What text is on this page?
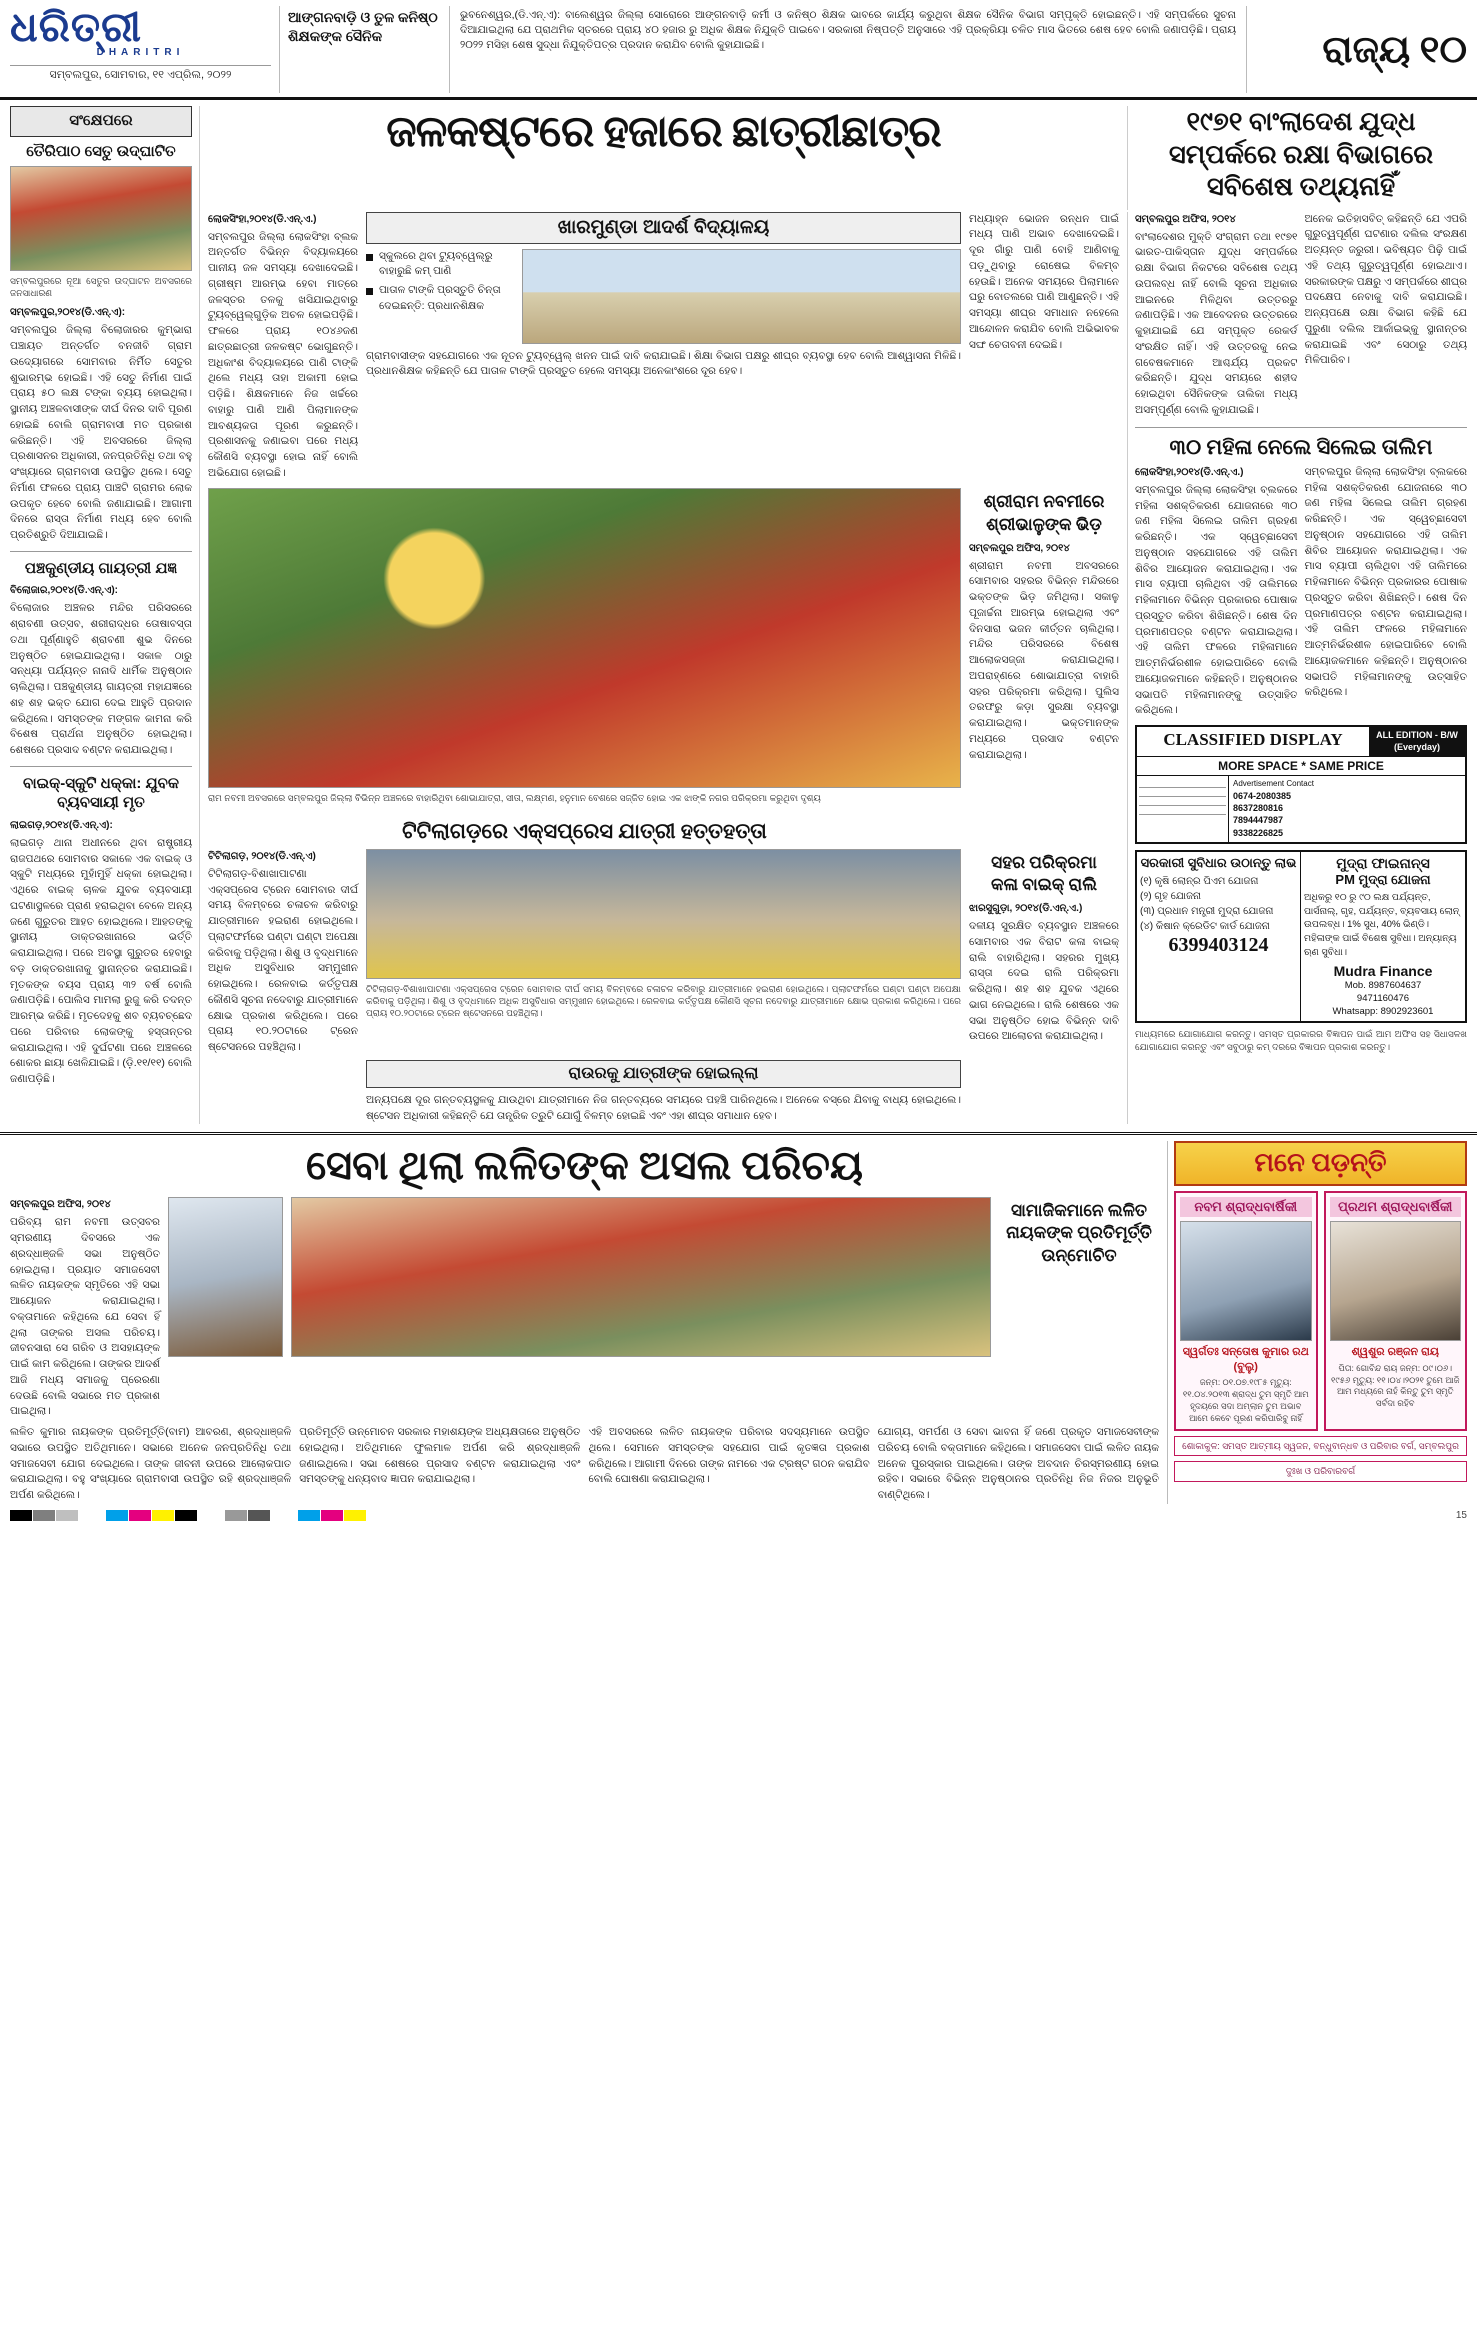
ଧରିତ୍ରୀ
DHARITRI
ସମ୍ବଲପୁର, ସୋମବାର, ୧୧ ଏପ୍ରିଲ, ୨୦୨୨
ଆଙ୍ଗନବାଡ଼ି ଓ ତୁଳ କନିଷ୍ଠ ଶିକ୍ଷକଙ୍କ ସୈନିକ
ଭୁବନେଶ୍ୱର,(ଡି.ଏନ୍.ଏ): ବାଲେଶ୍ୱର ଜିଲ୍ଲା ସୋରୋରେ ଆଙ୍ଗନବାଡ଼ି କର୍ମୀ ଓ କନିଷ୍ଠ ଶିକ୍ଷକ ଭାବରେ କାର୍ଯ୍ୟ କରୁଥିବା ଶିକ୍ଷକ ସୈନିକ ବିଭାଗ ସମ୍ପୃକ୍ତି ହୋଇଛନ୍ତି। ଏହି ସମ୍ପର୍କରେ ସୁଚନା ଦିଆଯାଇଥିଲା ଯେ ପ୍ରାଥମିକ ସ୍ତରରେ ପ୍ରାୟ ୪୦ ହଜାର ରୁ ଅଧିକ ଶିକ୍ଷକ ନିଯୁକ୍ତି ପାଇବେ। ସରକାରୀ ନିଷ୍ପତ୍ତି ଅନୁସାରେ ଏହି ପ୍ରକ୍ରିୟା ଚଳିତ ମାସ ଭିତରେ ଶେଷ ହେବ ବୋଲି ଜଣାପଡ଼ିଛି। ପ୍ରାୟ ୨୦୨୨ ମସିହା ଶେଷ ସୁଦ୍ଧା ନିଯୁକ୍ତିପତ୍ର ପ୍ରଦାନ କରାଯିବ ବୋଲି କୁହାଯାଇଛି।	ରାଜ୍ୟ ୧୦
ସଂକ୍ଷେପରେ
ତୈରିପାଠ ସେତୁ ଉଦ୍‌ଘାଟିତ
ସମ୍ବଲପୁରରେ ନୂଆ ସେତୁର ଉଦ୍‌ଘାଟନ ଅବସରରେ ଜନସାଧାରଣ
ସମ୍ବଲପୁର,୨୦୧୪(ଡି.ଏନ୍.ଏ):
ସମ୍ବଲପୁର ଜିଲ୍ଲା ବିଲୋଜାରର କୁମ୍ଭାରା ପଞ୍ଚାୟତ ଅନ୍ତର୍ଗତ ବନଜୀବି ଗ୍ରାମ ଉଦ୍ୟୋଗରେ ସୋମବାର ନିର୍ମିତ ସେତୁର ଶୁଭାରମ୍ଭ ହୋଇଛି। ଏହି ସେତୁ ନିର୍ମାଣ ପାଇଁ ପ୍ରାୟ ୫୦ ଲକ୍ଷ ଟଙ୍କା ବ୍ୟୟ ହୋଇଥିଲା। ସ୍ଥାନୀୟ ଅଞ୍ଚଳବାସୀଙ୍କ ଦୀର୍ଘ ଦିନର ଦାବି ପୂରଣ ହୋଇଛି ବୋଲି ଗ୍ରାମବାସୀ ମତ ପ୍ରକାଶ କରିଛନ୍ତି। ଏହି ଅବସରରେ ଜିଲ୍ଲା ପ୍ରଶାସନର ଅଧିକାରୀ, ଜନପ୍ରତିନିଧି ତଥା ବହୁ ସଂଖ୍ୟାରେ ଗ୍ରାମବାସୀ ଉପସ୍ଥିତ ଥିଲେ। ସେତୁ ନିର୍ମାଣ ଫଳରେ ପ୍ରାୟ ପାଞ୍ଚଟି ଗ୍ରାମର ଲୋକ ଉପକୃତ ହେବେ ବୋଲି ଜଣାଯାଇଛି। ଆଗାମୀ ଦିନରେ ରାସ୍ତା ନିର୍ମାଣ ମଧ୍ୟ ହେବ ବୋଲି ପ୍ରତିଶ୍ରୁତି ଦିଆଯାଇଛି।
ପଞ୍ଚକୁଣ୍ଡୀୟ ଗାୟତ୍ରୀ ଯଜ୍ଞ
ବିଲୋଜାର,୨୦୧୪(ଡି.ଏନ୍.ଏ):
ବିଲୋଜାର ଅଞ୍ଚଳର ମନ୍ଦିର ପରିସରରେ ଶ୍ରାବଣୀ ଉତ୍ସବ, ଶରୀରାଦ୍ଧର ତୋଷାବସ୍ତା ତଥା ପୂର୍ଣ୍ଣାହୁତି ଶ୍ରାବଣୀ ଶୁଭ ଦିନରେ ଅନୁଷ୍ଠିତ ହୋଇଯାଇଥିଲା। ସକାଳ ଠାରୁ ସନ୍ଧ୍ୟା ପର୍ଯ୍ୟନ୍ତ ନାନାଦି ଧାର୍ମିକ ଅନୁଷ୍ଠାନ ଚାଲିଥିଲା। ପଞ୍ଚକୁଣ୍ଡୀୟ ଗାୟତ୍ରୀ ମହାଯଜ୍ଞରେ ଶହ ଶହ ଭକ୍ତ ଯୋଗ ଦେଇ ଆହୁତି ପ୍ରଦାନ କରିଥିଲେ। ସମସ୍ତଙ୍କ ମଙ୍ଗଳ କାମନା କରି ବିଶେଷ ପ୍ରାର୍ଥନା ଅନୁଷ୍ଠିତ ହୋଇଥିଲା। ଶେଷରେ ପ୍ରସାଦ ବଣ୍ଟନ କରାଯାଇଥିଲା।
ବାଇକ୍‌-ସ୍କୁଟି ଧକ୍କା: ଯୁବକ ବ୍ୟବସାୟୀ ମୃତ
ଲାଇଗଡ଼,୨୦୧୪(ଡି.ଏନ୍.ଏ):
ଲାଇଗଡ଼ ଥାନା ଅଧୀନରେ ଥିବା ରାଷ୍ଟ୍ରୀୟ ରାଜପଥରେ ସୋମବାର ସକାଳେ ଏକ ବାଇକ୍ ଓ ସ୍କୁଟି ମଧ୍ୟରେ ମୁହାଁମୁହିଁ ଧକ୍କା ହୋଇଥିଲା। ଏଥିରେ ବାଇକ୍ ଚାଳକ ଯୁବକ ବ୍ୟବସାୟୀ ଘଟଣାସ୍ଥଳରେ ପ୍ରାଣ ହରାଇଥିବା ବେଳେ ଅନ୍ୟ ଜଣେ ଗୁରୁତର ଆହତ ହୋଇଥିଲେ। ଆହତଙ୍କୁ ସ୍ଥାନୀୟ ଡାକ୍ତରଖାନାରେ ଭର୍ତ୍ତି କରାଯାଇଥିଲା। ପରେ ଅବସ୍ଥା ଗୁରୁତର ହେବାରୁ ବଡ଼ ଡାକ୍ତରଖାନାକୁ ସ୍ଥାନାନ୍ତର କରାଯାଇଛି। ମୃତକଙ୍କ ବୟସ ପ୍ରାୟ ୩୨ ବର୍ଷ ବୋଲି ଜଣାପଡ଼ିଛି। ପୋଲିସ ମାମଲା ରୁଜୁ କରି ତଦନ୍ତ ଆରମ୍ଭ କରିଛି। ମୃତଦେହକୁ ଶବ ବ୍ୟବଚ୍ଛେଦ ପରେ ପରିବାର ଲୋକଙ୍କୁ ହସ୍ତାନ୍ତର କରାଯାଇଥିଲା। ଏହି ଦୁର୍ଘଟଣା ପରେ ଅଞ୍ଚଳରେ ଶୋକର ଛାୟା ଖେଳିଯାଇଛି। (ଡ଼ି.୧୧/୧୧) ବୋଲି ଜଣାପଡ଼ିଛି।
ଜଳକଷ୍ଟରେ ହଜାରେ ଛାତ୍ରୀଛାତ୍ର	୧୯୭୧ ବାଂଲାଦେଶ ଯୁଦ୍ଧ ସମ୍ପର୍କରେ ରକ୍ଷା ବିଭାଗରେ ସବିଶେଷ ତଥ୍ୟନାହିଁ
ଲୋକସିଂହା,୨୦୧୪(ଡି.ଏନ୍.ଏ.)
ସମ୍ବଲପୁର ଜିଲ୍ଲା ଲୋକସିଂହା ବ୍ଲକ ଅନ୍ତର୍ଗତ ବିଭିନ୍ନ ବିଦ୍ୟାଳୟରେ ପାନୀୟ ଜଳ ସମସ୍ୟା ଦେଖାଦେଇଛି। ଗ୍ରୀଷ୍ମ ଆରମ୍ଭ ହେବା ମାତ୍ରେ ଜଳସ୍ତର ତଳକୁ ଖସିଯାଇଥିବାରୁ ଟ୍ୟୁବ୍‌ୱେଲ୍‌ଗୁଡ଼ିକ ଅଚଳ ହୋଇପଡ଼ିଛି। ଫଳରେ ପ୍ରାୟ ୧୦୪୬ଜଣ ଛାତ୍ରଛାତ୍ରୀ ଜଳକଷ୍ଟ ଭୋଗୁଛନ୍ତି। ଅଧିକାଂଶ ବିଦ୍ୟାଳୟରେ ପାଣି ଟାଙ୍କି ଥିଲେ ମଧ୍ୟ ତାହା ଅକାମୀ ହୋଇ ପଡ଼ିଛି। ଶିକ୍ଷକମାନେ ନିଜ ଖର୍ଚ୍ଚରେ ବାହାରୁ ପାଣି ଆଣି ପିଲାମାନଙ୍କ ଆବଶ୍ୟକତା ପୂରଣ କରୁଛନ୍ତି। ପ୍ରଶାସନକୁ ଜଣାଇବା ପରେ ମଧ୍ୟ କୌଣସି ବ୍ୟବସ୍ଥା ହୋଇ ନାହିଁ ବୋଲି ଅଭିଯୋଗ ହୋଇଛି।
ଖାରମୁଣ୍ଡା ଆଦର୍ଶ ବିଦ୍ୟାଳୟ
ସ୍କୁଲରେ ଥିବା ଟ୍ୟୁବ୍‌ୱେଲ୍‌ରୁ ବାହାରୁଛି କମ୍ ପାଣି
ପାତାଳ ଟାଙ୍କି ପ୍ରସ୍ତୁତି ଚିନ୍ତା ଦେଇଛନ୍ତି: ପ୍ରଧାନଶିକ୍ଷକ
ଗ୍ରାମବାସୀଙ୍କ ସହଯୋଗରେ ଏକ ନୂତନ ଟ୍ୟୁବ୍‌ୱେଲ୍ ଖନନ ପାଇଁ ଦାବି କରାଯାଇଛି। ଶିକ୍ଷା ବିଭାଗ ପକ୍ଷରୁ ଶୀଘ୍ର ବ୍ୟବସ୍ଥା ହେବ ବୋଲି ଆଶ୍ୱାସନା ମିଳିଛି। ପ୍ରଧାନଶିକ୍ଷକ କହିଛନ୍ତି ଯେ ପାତାଳ ଟାଙ୍କି ପ୍ରସ୍ତୁତ ହେଲେ ସମସ୍ୟା ଅନେକାଂଶରେ ଦୂର ହେବ।
ମଧ୍ୟାହ୍ନ ଭୋଜନ ରନ୍ଧନ ପାଇଁ ମଧ୍ୟ ପାଣି ଅଭାବ ଦେଖାଦେଇଛି। ଦୂର ଗାଁରୁ ପାଣି ବୋହି ଆଣିବାକୁ ପଡ଼ୁଥିବାରୁ ରୋଷେଇ ବିଳମ୍ବ ହେଉଛି। ଅନେକ ସମୟରେ ପିଲାମାନେ ଘରୁ ବୋତଲରେ ପାଣି ଆଣୁଛନ୍ତି। ଏହି ସମସ୍ୟା ଶୀଘ୍ର ସମାଧାନ ନହେଲେ ଆନ୍ଦୋଳନ କରାଯିବ ବୋଲି ଅଭିଭାବକ ସଙ୍ଘ ଚେତାବନୀ ଦେଇଛି।
ରାମ ନବମୀ ଅବସରରେ ସମ୍ବଲପୁର ଜିଲ୍ଲା ବିଭିନ୍ନ ଅଞ୍ଚଳରେ ବାହାରିଥିବା ଶୋଭାଯାତ୍ରା, ସୀତା, ଲକ୍ଷ୍ମଣ, ହନୁମାନ ବେଶରେ ସଜ୍ଜିତ ହୋଇ ଏକ ଝାଙ୍କି ନଗର ପରିକ୍ରମା କରୁଥିବା ଦୃଶ୍ୟ
ଶ୍ରୀରାମ ନବମୀରେ
ଶ୍ରୀଭାଳୁଙ୍କ ଭିଡ଼
ସମ୍ବଲପୁର ଅଫିସ, ୨୦୧୪
ଶ୍ରୀରାମ ନବମୀ ଅବସରରେ ସୋମବାର ସହରର ବିଭିନ୍ନ ମନ୍ଦିରରେ ଭକ୍ତଙ୍କ ଭିଡ଼ ଜମିଥିଲା। ସକାଳୁ ପୂଜାର୍ଚ୍ଚନା ଆରମ୍ଭ ହୋଇଥିଲା ଏବଂ ଦିନସାରା ଭଜନ କୀର୍ତ୍ତନ ଚାଲିଥିଲା। ମନ୍ଦିର ପରିସରରେ ବିଶେଷ ଆଲୋକସଜ୍ଜା କରାଯାଇଥିଲା। ଅପରାହ୍ଣରେ ଶୋଭାଯାତ୍ରା ବାହାରି ସହର ପରିକ୍ରମା କରିଥିଲା। ପୁଲିସ ତରଫରୁ କଡ଼ା ସୁରକ୍ଷା ବ୍ୟବସ୍ଥା କରାଯାଇଥିଲା। ଭକ୍ତମାନଙ୍କ ମଧ୍ୟରେ ପ୍ରସାଦ ବଣ୍ଟନ କରାଯାଇଥିଲା।
ଟିଟିଲାଗଡ଼ରେ ଏକ୍ସପ୍ରେସ ଯାତ୍ରୀ ହତ୍ତହତ୍ତା
ଟିଟିଲାଗଡ଼, ୨୦୧୪(ଡି.ଏନ୍.ଏ)
ଟିଟିଲାଗଡ଼-ବିଶାଖାପାଟଣା ଏକ୍ସପ୍ରେସ ଟ୍ରେନ ସୋମବାର ଦୀର୍ଘ ସମୟ ବିଳମ୍ବରେ ଚଳାଚଳ କରିବାରୁ ଯାତ୍ରୀମାନେ ହଇରାଣ ହୋଇଥିଲେ। ପ୍ଲାଟଫର୍ମରେ ଘଣ୍ଟା ଘଣ୍ଟା ଅପେକ୍ଷା କରିବାକୁ ପଡ଼ିଥିଲା। ଶିଶୁ ଓ ବୃଦ୍ଧମାନେ ଅଧିକ ଅସୁବିଧାର ସମ୍ମୁଖୀନ ହୋଇଥିଲେ। ରେଳବାଇ କର୍ତ୍ତୃପକ୍ଷ କୌଣସି ସୂଚନା ନଦେବାରୁ ଯାତ୍ରୀମାନେ କ୍ଷୋଭ ପ୍ରକାଶ କରିଥିଲେ। ପରେ ପ୍ରାୟ ୧୦.୨୦ଟାରେ ଟ୍ରେନ ଷ୍ଟେସନରେ ପହଞ୍ଚିଥିଲା।
ଟିଟିଲାଗଡ଼-ବିଶାଖାପାଟଣା ଏକ୍ସପ୍ରେସ ଟ୍ରେନ ସୋମବାର ଦୀର୍ଘ ସମୟ ବିଳମ୍ବରେ ଚଳାଚଳ କରିବାରୁ ଯାତ୍ରୀମାନେ ହଇରାଣ ହୋଇଥିଲେ। ପ୍ଲାଟଫର୍ମରେ ଘଣ୍ଟା ଘଣ୍ଟା ଅପେକ୍ଷା କରିବାକୁ ପଡ଼ିଥିଲା। ଶିଶୁ ଓ ବୃଦ୍ଧମାନେ ଅଧିକ ଅସୁବିଧାର ସମ୍ମୁଖୀନ ହୋଇଥିଲେ। ରେଳବାଇ କର୍ତ୍ତୃପକ୍ଷ କୌଣସି ସୂଚନା ନଦେବାରୁ ଯାତ୍ରୀମାନେ କ୍ଷୋଭ ପ୍ରକାଶ କରିଥିଲେ। ପରେ ପ୍ରାୟ ୧୦.୨୦ଟାରେ ଟ୍ରେନ ଷ୍ଟେସନରେ ପହଞ୍ଚିଥିଲା।
ସହର ପରିକ୍ରମା
କଳା ବାଇକ୍ ରାଲି
ଝାରସୁଗୁଡ଼ା, ୨୦୧୪(ଡି.ଏନ୍.ଏ.)
ଦଳୀୟ ସୁରକ୍ଷିତ ବ୍ୟବସ୍ଥାନ ଅଞ୍ଚଳରେ ସୋମବାର ଏକ ବିରାଟ କଳା ବାଇକ୍ ରାଲି ବାହାରିଥିଲା। ସହରର ମୁଖ୍ୟ ରାସ୍ତା ଦେଇ ରାଲି ପରିକ୍ରମା କରିଥିଲା। ଶହ ଶହ ଯୁବକ ଏଥିରେ ଭାଗ ନେଇଥିଲେ। ରାଲି ଶେଷରେ ଏକ ସଭା ଅନୁଷ୍ଠିତ ହୋଇ ବିଭିନ୍ନ ଦାବି ଉପରେ ଆଲୋଚନା କରାଯାଇଥିଲା।
ରାଉରକୁ ଯାତ୍ରୀଙ୍କ ହୋଇଲ୍ଲା
ଅନ୍ୟପକ୍ଷେ ଦୂର ଗନ୍ତବ୍ୟସ୍ଥଳକୁ ଯାଉଥିବା ଯାତ୍ରୀମାନେ ନିଜ ଗନ୍ତବ୍ୟରେ ସମୟରେ ପହଞ୍ଚି ପାରିନଥିଲେ। ଅନେକେ ବସ୍‌ରେ ଯିବାକୁ ବାଧ୍ୟ ହୋଇଥିଲେ। ଷ୍ଟେସନ ଅଧିକାରୀ କହିଛନ୍ତି ଯେ ତାନ୍ତ୍ରିକ ତ୍ରୁଟି ଯୋଗୁଁ ବିଳମ୍ବ ହୋଇଛି ଏବଂ ଏହା ଶୀଘ୍ର ସମାଧାନ ହେବ।
ସମ୍ବଲପୁର ଅଫିସ, ୨୦୧୪
ବାଂଲାଦେଶର ମୁକ୍ତି ସଂଗ୍ରାମ ତଥା ୧୯୭୧ ଭାରତ-ପାକିସ୍ତାନ ଯୁଦ୍ଧ ସମ୍ପର୍କରେ ରକ୍ଷା ବିଭାଗ ନିକଟରେ ସବିଶେଷ ତଥ୍ୟ ଉପଲବ୍ଧ ନାହିଁ ବୋଲି ସୂଚନା ଅଧିକାର ଆଇନରେ ମିଳିଥିବା ଉତ୍ତରରୁ ଜଣାପଡ଼ିଛି। ଏକ ଆବେଦନର ଉତ୍ତରରେ କୁହାଯାଇଛି ଯେ ସମ୍ପୃକ୍ତ ରେକର୍ଡ ସଂରକ୍ଷିତ ନାହିଁ। ଏହି ଉତ୍ତରକୁ ନେଇ ଗବେଷକମାନେ ଆଶ୍ଚର୍ଯ୍ୟ ପ୍ରକଟ କରିଛନ୍ତି। ଯୁଦ୍ଧ ସମୟରେ ଶହୀଦ ହୋଇଥିବା ସୈନିକଙ୍କ ତାଲିକା ମଧ୍ୟ ଅସମ୍ପୂର୍ଣ୍ଣ ବୋଲି କୁହାଯାଇଛି।
ଅନେକ ଇତିହାସବିତ୍ କହିଛନ୍ତି ଯେ ଏପରି ଗୁରୁତ୍ୱପୂର୍ଣ୍ଣ ଘଟଣାର ଦଲିଲ ସଂରକ୍ଷଣ ଅତ୍ୟନ୍ତ ଜରୁରୀ। ଭବିଷ୍ୟତ ପିଢ଼ି ପାଇଁ ଏହି ତଥ୍ୟ ଗୁରୁତ୍ୱପୂର୍ଣ୍ଣ ହୋଇଥାଏ। ସରକାରଙ୍କ ପକ୍ଷରୁ ଏ ସମ୍ପର୍କରେ ଶୀଘ୍ର ପଦକ୍ଷେପ ନେବାକୁ ଦାବି କରାଯାଇଛି। ଅନ୍ୟପକ୍ଷେ ରକ୍ଷା ବିଭାଗ କହିଛି ଯେ ପୁରୁଣା ଦଲିଲ ଆର୍କାଇଭ୍‌କୁ ସ୍ଥାନାନ୍ତର କରାଯାଇଛି ଏବଂ ସେଠାରୁ ତଥ୍ୟ ମିଳିପାରିବ।
୩୦ ମହିଳା ନେଲେ ସିଲେଇ ତାଲିମ
ଲୋକସିଂହା,୨୦୧୪(ଡି.ଏନ୍.ଏ.)
ସମ୍ବଲପୁର ଜିଲ୍ଲା ଲୋକସିଂହା ବ୍ଲକରେ ମହିଳା ସଶକ୍ତିକରଣ ଯୋଜନାରେ ୩୦ ଜଣ ମହିଳା ସିଲେଇ ତାଲିମ ଗ୍ରହଣ କରିଛନ୍ତି। ଏକ ସ୍ୱେଚ୍ଛାସେବୀ ଅନୁଷ୍ଠାନ ସହଯୋଗରେ ଏହି ତାଲିମ ଶିବିର ଆୟୋଜନ କରାଯାଇଥିଲା। ଏକ ମାସ ବ୍ୟାପୀ ଚାଲିଥିବା ଏହି ତାଲିମରେ ମହିଳାମାନେ ବିଭିନ୍ନ ପ୍ରକାରର ପୋଷାକ ପ୍ରସ୍ତୁତ କରିବା ଶିଖିଛନ୍ତି। ଶେଷ ଦିନ ପ୍ରମାଣପତ୍ର ବଣ୍ଟନ କରାଯାଇଥିଲା। ଏହି ତାଲିମ ଫଳରେ ମହିଳାମାନେ ଆତ୍ମନିର୍ଭରଶୀଳ ହୋଇପାରିବେ ବୋଲି ଆୟୋଜକମାନେ କହିଛନ୍ତି। ଅନୁଷ୍ଠାନର ସଭାପତି ମହିଳାମାନଙ୍କୁ ଉତ୍ସାହିତ କରିଥିଲେ।
ସମ୍ବଲପୁର ଜିଲ୍ଲା ଲୋକସିଂହା ବ୍ଲକରେ ମହିଳା ସଶକ୍ତିକରଣ ଯୋଜନାରେ ୩୦ ଜଣ ମହିଳା ସିଲେଇ ତାଲିମ ଗ୍ରହଣ କରିଛନ୍ତି। ଏକ ସ୍ୱେଚ୍ଛାସେବୀ ଅନୁଷ୍ଠାନ ସହଯୋଗରେ ଏହି ତାଲିମ ଶିବିର ଆୟୋଜନ କରାଯାଇଥିଲା। ଏକ ମାସ ବ୍ୟାପୀ ଚାଲିଥିବା ଏହି ତାଲିମରେ ମହିଳାମାନେ ବିଭିନ୍ନ ପ୍ରକାରର ପୋଷାକ ପ୍ରସ୍ତୁତ କରିବା ଶିଖିଛନ୍ତି। ଶେଷ ଦିନ ପ୍ରମାଣପତ୍ର ବଣ୍ଟନ କରାଯାଇଥିଲା। ଏହି ତାଲିମ ଫଳରେ ମହିଳାମାନେ ଆତ୍ମନିର୍ଭରଶୀଳ ହୋଇପାରିବେ ବୋଲି ଆୟୋଜକମାନେ କହିଛନ୍ତି। ଅନୁଷ୍ଠାନର ସଭାପତି ମହିଳାମାନଙ୍କୁ ଉତ୍ସାହିତ କରିଥିଲେ।
CLASSIFIED DISPLAY	ALL EDITION - B/W (Everyday)
MORE SPACE * SAME PRICE

Advertisement Contact
0674-2080385
8637280816
7894447987
9338226825
ସରକାରୀ ସୁବିଧାର ଉଠାନ୍ତୁ ଲାଭ
(୧) କୃଷି ଲୋନ୍‌ର ପିଏମ ଯୋଜନା
(୨) ଗୃହ ଯୋଜନା
(୩) ପ୍ରଧାନ ମନ୍ତ୍ରୀ ମୁଦ୍ରା ଯୋଜନା
(୪) କିଷାନ କ୍ରେଡିଟ କାର୍ଡ ଯୋଜନା
6399403124
ମୁଦ୍ରା ଫାଇନାନ୍ସ
PM ମୁଦ୍ରା ଯୋଜନା
ଅଧିକରୁ ୧୦ ରୁ ୯୦ ଲକ୍ଷ ପର୍ଯ୍ୟନ୍ତ, ପାର୍ସନାଲ୍, ଗୃହ, ପର୍ଯ୍ୟନ୍ତ, ବ୍ୟବସାୟ ଲୋନ୍ ଉପଲବ୍ଧ। 1% ସୁଧ, 40% ଭିଣ୍ଡି। ମହିଳାଙ୍କ ପାଇଁ ବିଶେଷ ସୁବିଧା। ଅନ୍ୟାନ୍ୟ ଋଣ ସୁବିଧା।
Mudra Finance
Mob. 8987604637
9471160476
Whatsapp: 8902923601
ମାଧ୍ୟମରେ ଯୋଗାଯୋଗ କରନ୍ତୁ। ସମସ୍ତ ପ୍ରକାରର ବିଜ୍ଞାପନ ପାଇଁ ଆମ ଅଫିସ ସହ ସିଧାସଳଖ ଯୋଗାଯୋଗ କରନ୍ତୁ ଏବଂ ସବୁଠାରୁ କମ୍ ଦରରେ ବିଜ୍ଞାପନ ପ୍ରକାଶ କରନ୍ତୁ।
ସେବା ଥିଲା ଲଳିତଙ୍କ ଅସଲ ପରିଚୟ
ସମ୍ବଲପୁର ଅଫିସ, ୨୦୧୪
ପରିବ୍ୟ ରାମ ନବମୀ ଉତ୍ସବର ସ୍ମରଣୀୟ ଦିବସରେ ଏକ ଶ୍ରଦ୍ଧାଞ୍ଜଳି ସଭା ଅନୁଷ୍ଠିତ ହୋଇଥିଲା। ପ୍ରୟାତ ସମାଜସେବୀ ଲଳିତ ନାୟକଙ୍କ ସ୍ମୃତିରେ ଏହି ସଭା ଆୟୋଜନ କରାଯାଇଥିଲା। ବକ୍ତାମାନେ କହିଥିଲେ ଯେ ସେବା ହିଁ ଥିଲା ତାଙ୍କର ଅସଲ ପରିଚୟ। ଜୀବନସାରା ସେ ଗରିବ ଓ ଅସହାୟଙ୍କ ପାଇଁ କାମ କରିଥିଲେ। ତାଙ୍କର ଆଦର୍ଶ ଆଜି ମଧ୍ୟ ସମାଜକୁ ପ୍ରେରଣା ଦେଉଛି ବୋଲି ସଭାରେ ମତ ପ୍ରକାଶ ପାଇଥିଲା।
ସାମାଜିକମାନେ ଲଳିତ ନାୟକଙ୍କ ପ୍ରତିମୂର୍ତ୍ତି ଉନ୍ମୋଚିତ
ଲଳିତ କୁମାର ନାୟକଙ୍କ ପ୍ରତିମୂର୍ତ୍ତି(ବାମ) ଆବରଣ, ଶ୍ରଦ୍ଧାଞ୍ଜଳି ସଭାରେ ଉପସ୍ଥିତ ଅତିଥିମାନେ। ସଭାରେ ଅନେକ ଜନପ୍ରତିନିଧି ତଥା ସମାଜସେବୀ ଯୋଗ ଦେଇଥିଲେ। ତାଙ୍କ ଜୀବନୀ ଉପରେ ଆଲୋକପାତ କରାଯାଇଥିଲା। ବହୁ ସଂଖ୍ୟାରେ ଗ୍ରାମବାସୀ ଉପସ୍ଥିତ ରହି ଶ୍ରଦ୍ଧାଞ୍ଜଳି ଅର୍ପଣ କରିଥିଲେ।
ପ୍ରତିମୂର୍ତ୍ତି ଉନ୍ମୋଚନ ସରକାର ମହାଶୟଙ୍କ ଅଧ୍ୟକ୍ଷତାରେ ଅନୁଷ୍ଠିତ ହୋଇଥିଲା। ଅତିଥିମାନେ ଫୁଲମାଳ ଅର୍ପଣ କରି ଶ୍ରଦ୍ଧାଞ୍ଜଳି ଜଣାଇଥିଲେ। ସଭା ଶେଷରେ ପ୍ରସାଦ ବଣ୍ଟନ କରାଯାଇଥିଲା ଏବଂ ସମସ୍ତଙ୍କୁ ଧନ୍ୟବାଦ ଜ୍ଞାପନ କରାଯାଇଥିଲା।
ଏହି ଅବସରରେ ଲଳିତ ନାୟକଙ୍କ ପରିବାର ସଦସ୍ୟମାନେ ଉପସ୍ଥିତ ଥିଲେ। ସେମାନେ ସମସ୍ତଙ୍କ ସହଯୋଗ ପାଇଁ କୃତଜ୍ଞତା ପ୍ରକାଶ କରିଥିଲେ। ଆଗାମୀ ଦିନରେ ତାଙ୍କ ନାମରେ ଏକ ଟ୍ରଷ୍ଟ ଗଠନ କରାଯିବ ବୋଲି ଘୋଷଣା କରାଯାଇଥିଲା।
ଯୋଗ୍ୟ, ସମର୍ପଣ ଓ ସେବା ଭାବନା ହିଁ ଜଣେ ପ୍ରକୃତ ସମାଜସେବୀଙ୍କ ପରିଚୟ ବୋଲି ବକ୍ତାମାନେ କହିଥିଲେ। ସମାଜସେବା ପାଇଁ ଲଳିତ ନାୟକ ଅନେକ ପୁରସ୍କାର ପାଇଥିଲେ। ତାଙ୍କ ଅବଦାନ ଚିରସ୍ମରଣୀୟ ହୋଇ ରହିବ। ସଭାରେ ବିଭିନ୍ନ ଅନୁଷ୍ଠାନର ପ୍ରତିନିଧି ନିଜ ନିଜର ଅନୁଭୂତି ବାଣ୍ଟିଥିଲେ।
ମନେ ପଡ଼ନ୍ତି
ନବମ ଶ୍ରାଦ୍ଧବାର୍ଷିକୀ
ସ୍ୱର୍ଗତଃ ସନ୍ତୋଷ କୁମାର ରଥ (ବୁଲୁ)
ଜନ୍ମ: ୦୧.୦୭.୧୯୮୫ ମୃତ୍ୟୁ: ୧୧.୦୪.୨୦୧୩ ଶ୍ରାଦ୍ଧ ତୁମ ସ୍ମୃତି ଆମ ହୃଦୟରେ ସଦା ଅମ୍ଲାନ ତୁମ ଅଭାବ ଆମେ କେବେ ପୂରଣ କରିପାରିବୁ ନାହିଁ
ପ୍ରଥମ ଶ୍ରାଦ୍ଧବାର୍ଷିକୀ
ଶ୍ୱଶୁର ରଞ୍ଜନ ରାୟ
ପିତା: ଗୋବିନ୍ଦ ରାୟ ଜନ୍ମ: ୦୯।୦୬।୧୯୫୬ ମୃତ୍ୟୁ: ୧୧।୦୪।୨୦୨୧ ତୁମେ ଆଜି ଆମ ମଧ୍ୟରେ ନାହଁ କିନ୍ତୁ ତୁମ ସ୍ମୃତି ସର୍ବଦା ରହିବ
ଶୋକାକୁଳ: ସମସ୍ତ ଆତ୍ମୀୟ ସ୍ୱଜନ, ବନ୍ଧୁବାନ୍ଧବ ଓ ପରିବାର ବର୍ଗ, ସମ୍ବଲପୁର
ଦୁଃଖ ଓ ପରିବାରବର୍ଗ
15
